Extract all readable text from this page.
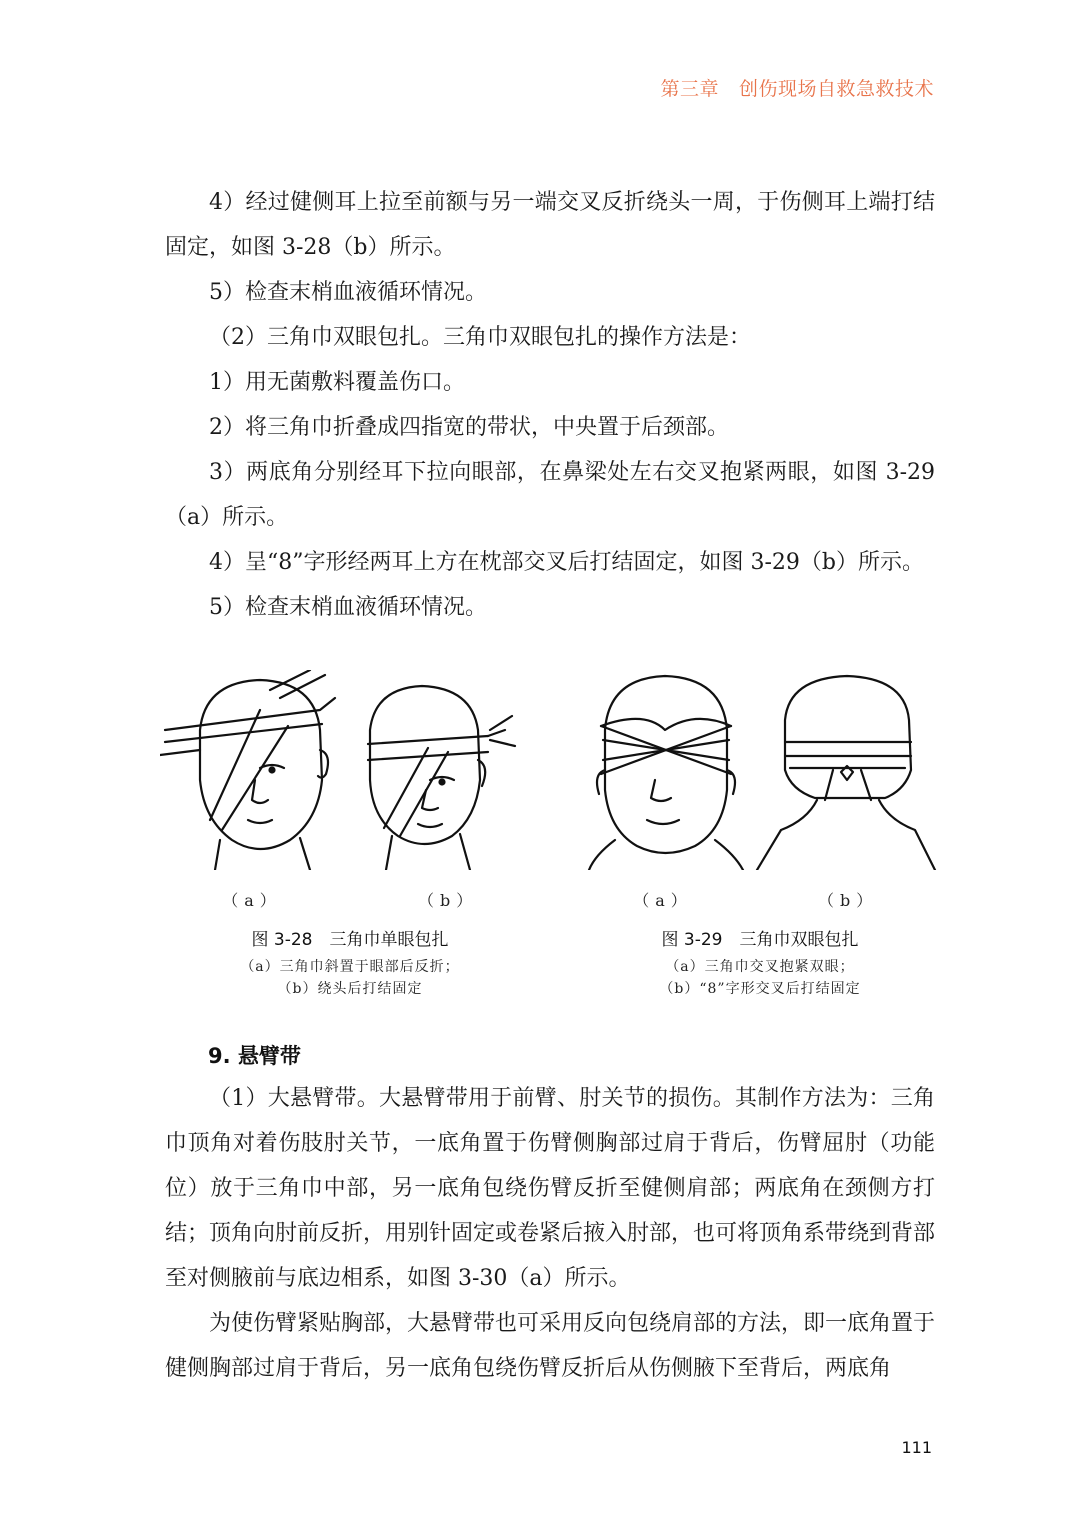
第三章 创伤现场自救急救技术

4）经过健侧耳上拉至前额与另一端交叉反折绕头一周，于伤侧耳上端打结固定，如图 3-28（b）所示。

5）检查末梢血液循环情况。

（2）三角巾双眼包扎。三角巾双眼包扎的操作方法是：

1）用无菌敷料覆盖伤口。

2）将三角巾折叠成四指宽的带状，中央置于后颈部。

3）两底角分别经耳下拉向眼部，在鼻梁处左右交叉抱紧两眼，如图 3-29（a）所示。

4）呈“8”字形经两耳上方在枕部交叉后打结固定，如图 3-29（b）所示。

5）检查末梢血液循环情况。

（a）	（b）	（a）	（b）
图 3-28　三角巾单眼包扎
（a）三角巾斜置于眼部后反折；
（b）绕头后打结固定
图 3-29　三角巾双眼包扎
（a）三角巾交叉抱紧双眼；
（b）“8”字形交叉后打结固定
9. 悬臂带

（1）大悬臂带。大悬臂带用于前臂、肘关节的损伤。其制作方法为：三角巾顶角对着伤肢肘关节，一底角置于伤臂侧胸部过肩于背后，伤臂屈肘（功能位）放于三角巾中部，另一底角包绕伤臂反折至健侧肩部；两底角在颈侧方打结；顶角向肘前反折，用别针固定或卷紧后掖入肘部，也可将顶角系带绕到背部至对侧腋前与底边相系，如图 3-30（a）所示。

为使伤臂紧贴胸部，大悬臂带也可采用反向包绕肩部的方法，即一底角置于健侧胸部过肩于背后，另一底角包绕伤臂反折后从伤侧腋下至背后，两底角

111
